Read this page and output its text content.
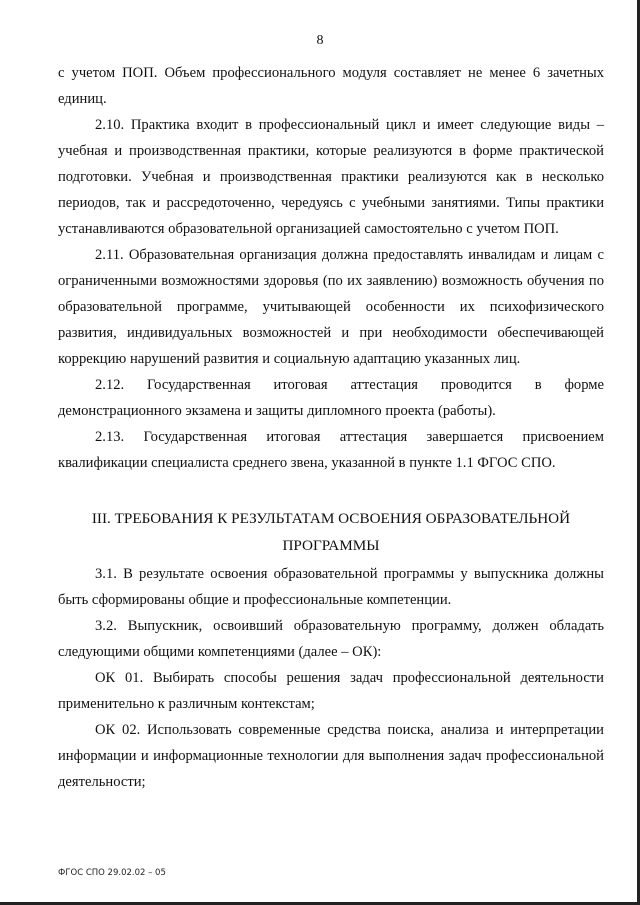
8

с учетом ПОП. Объем профессионального модуля составляет не менее 6 зачетных единиц.

2.10. Практика входит в профессиональный цикл и имеет следующие виды – учебная и производственная практики, которые реализуются в форме практической подготовки. Учебная и производственная практики реализуются как в несколько периодов, так и рассредоточенно, чередуясь с учебными занятиями. Типы практики устанавливаются образовательной организацией самостоятельно с учетом ПОП.

2.11. Образовательная организация должна предоставлять инвалидам и лицам с ограниченными возможностями здоровья (по их заявлению) возможность обучения по образовательной программе, учитывающей особенности их психофизического развития, индивидуальных возможностей и при необходимости обеспечивающей коррекцию нарушений развития и социальную адаптацию указанных лиц.

2.12. Государственная итоговая аттестация проводится в форме демонстрационного экзамена и защиты дипломного проекта (работы).

2.13. Государственная итоговая аттестация завершается присвоением квалификации специалиста среднего звена, указанной в пункте 1.1 ФГОС СПО.

III. ТРЕБОВАНИЯ К РЕЗУЛЬТАТАМ ОСВОЕНИЯ ОБРАЗОВАТЕЛЬНОЙ ПРОГРАММЫ

3.1. В результате освоения образовательной программы у выпускника должны быть сформированы общие и профессиональные компетенции.

3.2. Выпускник, освоивший образовательную программу, должен обладать следующими общими компетенциями (далее – ОК):

ОК 01. Выбирать способы решения задач профессиональной деятельности применительно к различным контекстам;

ОК 02. Использовать современные средства поиска, анализа и интерпретации информации и информационные технологии для выполнения задач профессиональной деятельности;

ФГОС СПО 29.02.02 – 05
